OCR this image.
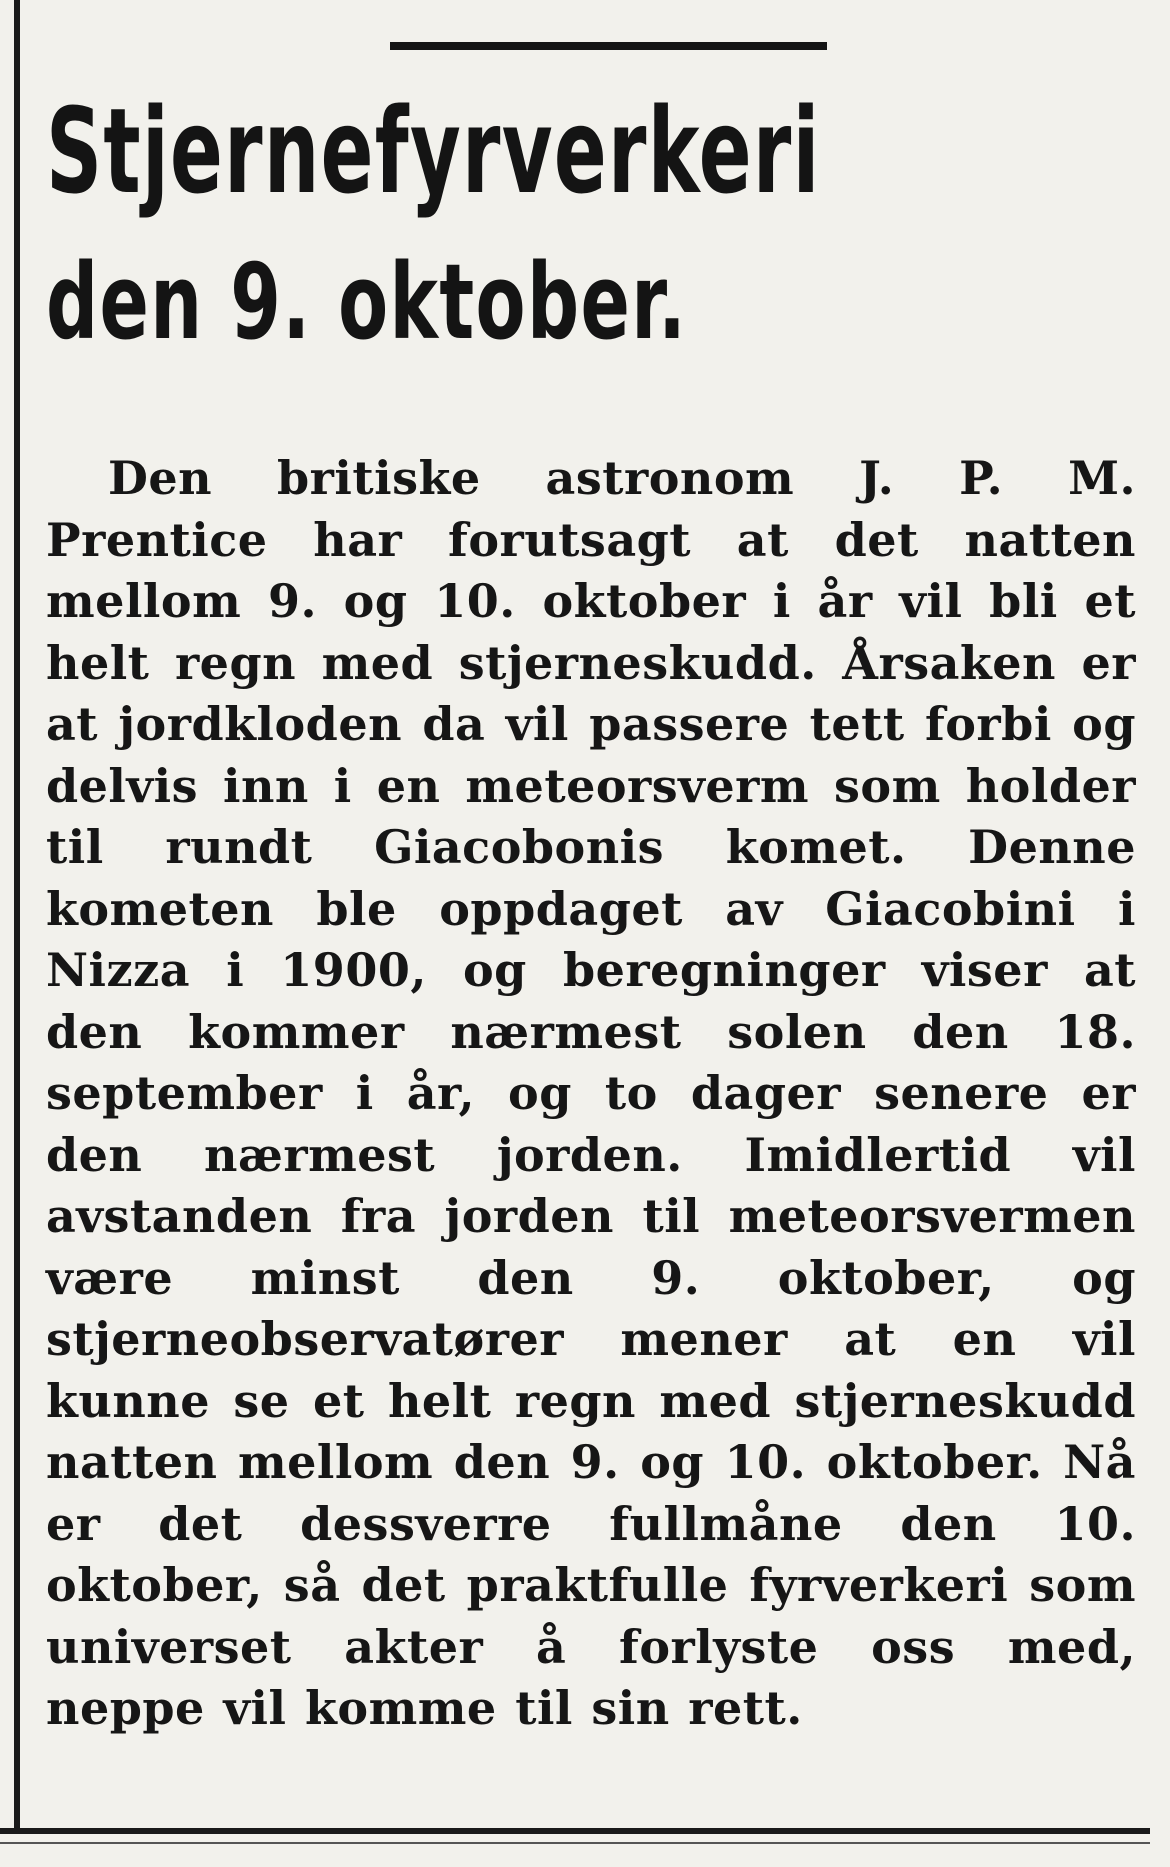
Stjernefyrverkeri
den 9. oktober.

Den britiske astronom J. P. M. Prentice har forutsagt at det natten mellom 9. og 10. oktober i år vil bli et helt regn med stjerneskudd. Årsaken er at jordkloden da vil passere tett forbi og delvis inn i en meteorsverm som holder til rundt Giacobonis komet. Denne kometen ble oppdaget av Giacobini i Nizza i 1900, og beregninger viser at den kommer nærmest solen den 18. september i år, og to dager senere er den nærmest jorden. Imidlertid vil avstanden fra jorden til meteorsvermen være minst den 9. oktober, og stjerneobservatører mener at en vil kunne se et helt regn med stjerneskudd natten mellom den 9. og 10. oktober. Nå er det dessverre fullmåne den 10. oktober, så det praktfulle fyrverkeri som universet akter å forlyste oss med, neppe vil komme til sin rett.
